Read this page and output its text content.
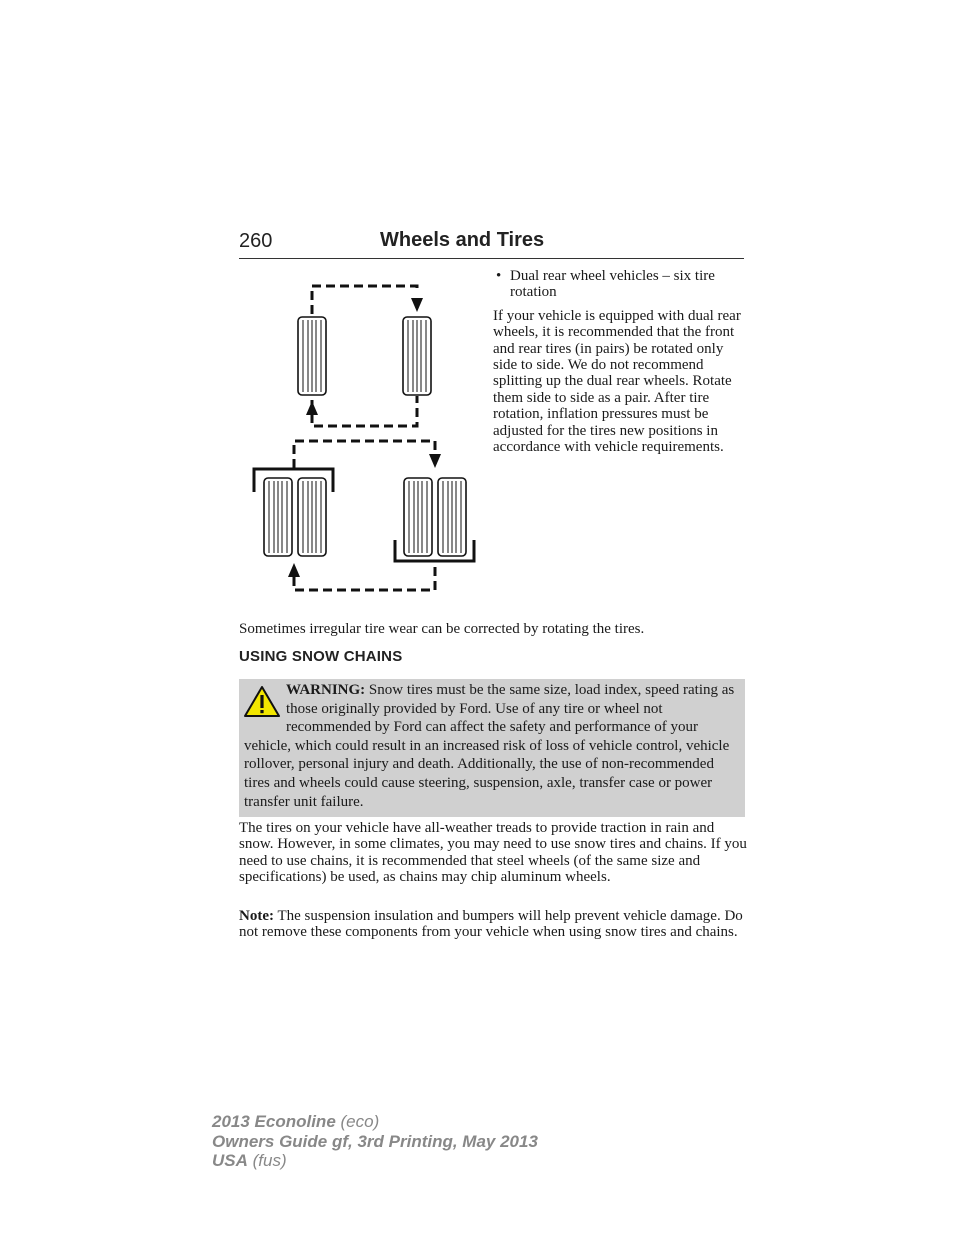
260	Wheels and Tires
• Dual rear wheel vehicles – six tire rotation

If your vehicle is equipped with dual rear wheels, it is recommended that the front and rear tires (in pairs) be rotated only side to side. We do not recommend splitting up the dual rear wheels. Rotate them side to side as a pair. After tire rotation, inflation pressures must be adjusted for the tires new positions in accordance with vehicle requirements.

Sometimes irregular tire wear can be corrected by rotating the tires.

USING SNOW CHAINS
WARNING: Snow tires must be the same size, load index, speed rating as those originally provided by Ford. Use of any tire or wheel not recommended by Ford can affect the safety and performance of your vehicle, which could result in an increased risk of loss of vehicle control, vehicle rollover, personal injury and death. Additionally, the use of non-recommended tires and wheels could cause steering, suspension, axle, transfer case or power transfer unit failure.

The tires on your vehicle have all-weather treads to provide traction in rain and snow. However, in some climates, you may need to use snow tires and chains. If you need to use chains, it is recommended that steel wheels (of the same size and specifications) be used, as chains may chip aluminum wheels.

Note: The suspension insulation and bumpers will help prevent vehicle damage. Do not remove these components from your vehicle when using snow tires and chains.

2013 Econoline (eco)
Owners Guide gf, 3rd Printing, May 2013
USA (fus)
